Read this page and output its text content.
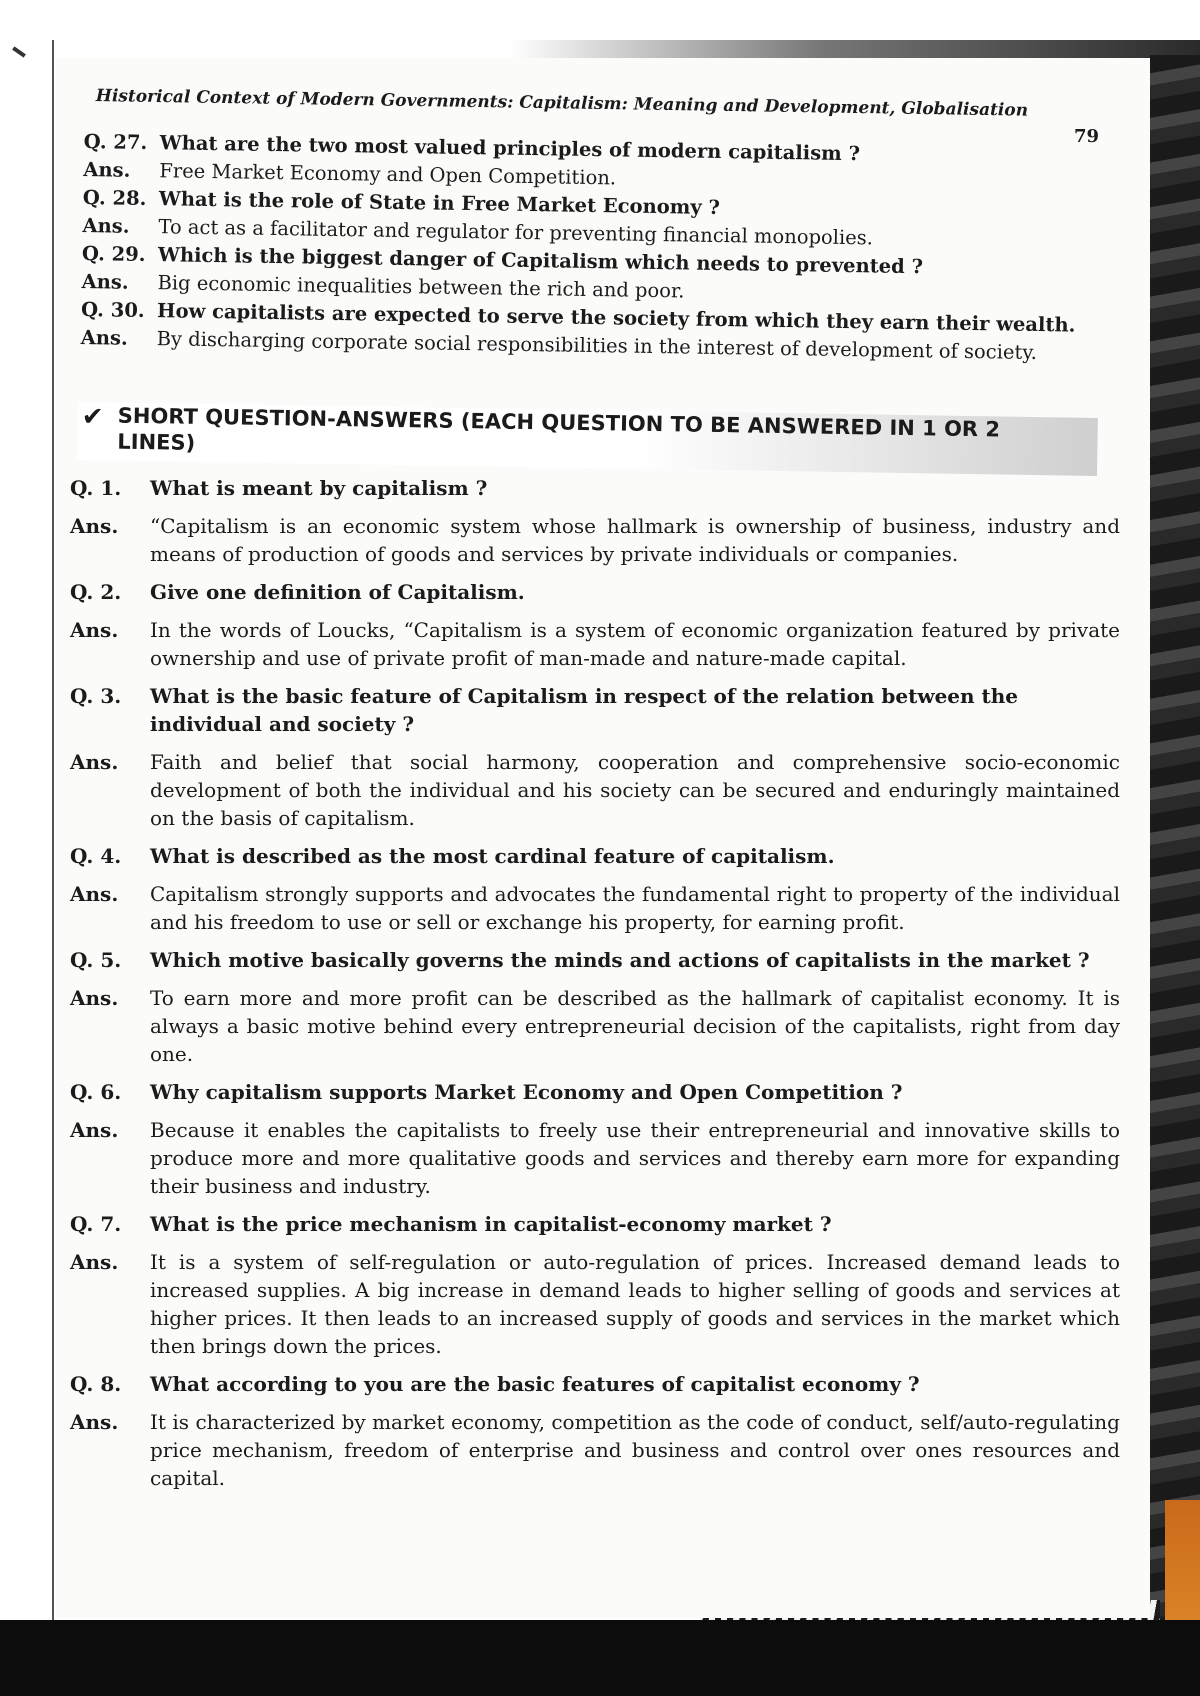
Historical Context of Modern Governments: Capitalism: Meaning and Development, Globalisation
79
Q. 27. What are the two most valued principles of modern capitalism ?
Ans.	Free Market Economy and Open Competition.
Q. 28. What is the role of State in Free Market Economy ?
Ans.	To act as a facilitator and regulator for preventing financial monopolies.
Q. 29. Which is the biggest danger of Capitalism which needs to prevented ?
Ans.	Big economic inequalities between the rich and poor.
Q. 30. How capitalists are expected to serve the society from which they earn their wealth.
Ans.	By discharging corporate social responsibilities in the interest of development of society.
✔ SHORT QUESTION-ANSWERS (EACH QUESTION TO BE ANSWERED IN 1 OR 2 LINES)
Q. 1.	What is meant by capitalism ?
Ans.	“Capitalism is an economic system whose hallmark is ownership of business, industry and means of production of goods and services by private individuals or companies.
Q. 2.	Give one definition of Capitalism.
Ans.	In the words of Loucks, “Capitalism is a system of economic organization featured by private ownership and use of private profit of man-made and nature-made capital.
Q. 3.	What is the basic feature of Capitalism in respect of the relation between the individual and society ?
Ans.	Faith and belief that social harmony, cooperation and comprehensive socio-economic development of both the individual and his society can be secured and enduringly maintained on the basis of capitalism.
Q. 4.	What is described as the most cardinal feature of capitalism.
Ans.	Capitalism strongly supports and advocates the fundamental right to property of the individual and his freedom to use or sell or exchange his property, for earning profit.
Q. 5.	Which motive basically governs the minds and actions of capitalists in the market ?
Ans.	To earn more and more profit can be described as the hallmark of capitalist economy. It is always a basic motive behind every entrepreneurial decision of the capitalists, right from day one.
Q. 6.	Why capitalism supports Market Economy and Open Competition ?
Ans.	Because it enables the capitalists to freely use their entrepreneurial and innovative skills to produce more and more qualitative goods and services and thereby earn more for expanding their business and industry.
Q. 7.	What is the price mechanism in capitalist-economy market ?
Ans.	It is a system of self-regulation or auto-regulation of prices. Increased demand leads to increased supplies. A big increase in demand leads to higher selling of goods and services at higher prices. It then leads to an increased supply of goods and services in the market which then brings down the prices.
Q. 8.	What according to you are the basic features of capitalist economy ?
Ans.	It is characterized by market economy, competition as the code of conduct, self/auto-regulating price mechanism, freedom of enterprise and business and control over ones resources and capital.
